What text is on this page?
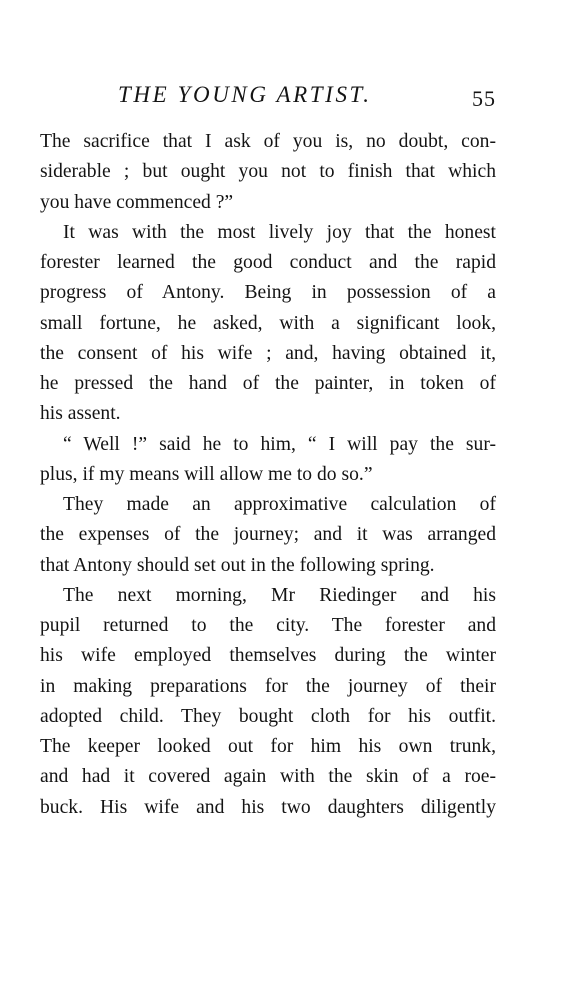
THE YOUNG ARTIST.	55
The sacrifice that I ask of you is, no doubt, con-
siderable ; but ought you not to finish that which
you have commenced ?”
It was with the most lively joy that the honest
forester learned the good conduct and the rapid
progress of Antony. Being in possession of a
small fortune, he asked, with a significant look,
the consent of his wife ; and, having obtained it,
he pressed the hand of the painter, in token of
his assent.
“ Well !” said he to him, “ I will pay the sur-
plus, if my means will allow me to do so.”
They made an approximative calculation of
the expenses of the journey; and it was arranged
that Antony should set out in the following spring.
The next morning, Mr Riedinger and his
pupil returned to the city. The forester and
his wife employed themselves during the winter
in making preparations for the journey of their
adopted child. They bought cloth for his outfit.
The keeper looked out for him his own trunk,
and had it covered again with the skin of a roe-
buck. His wife and his two daughters diligently
